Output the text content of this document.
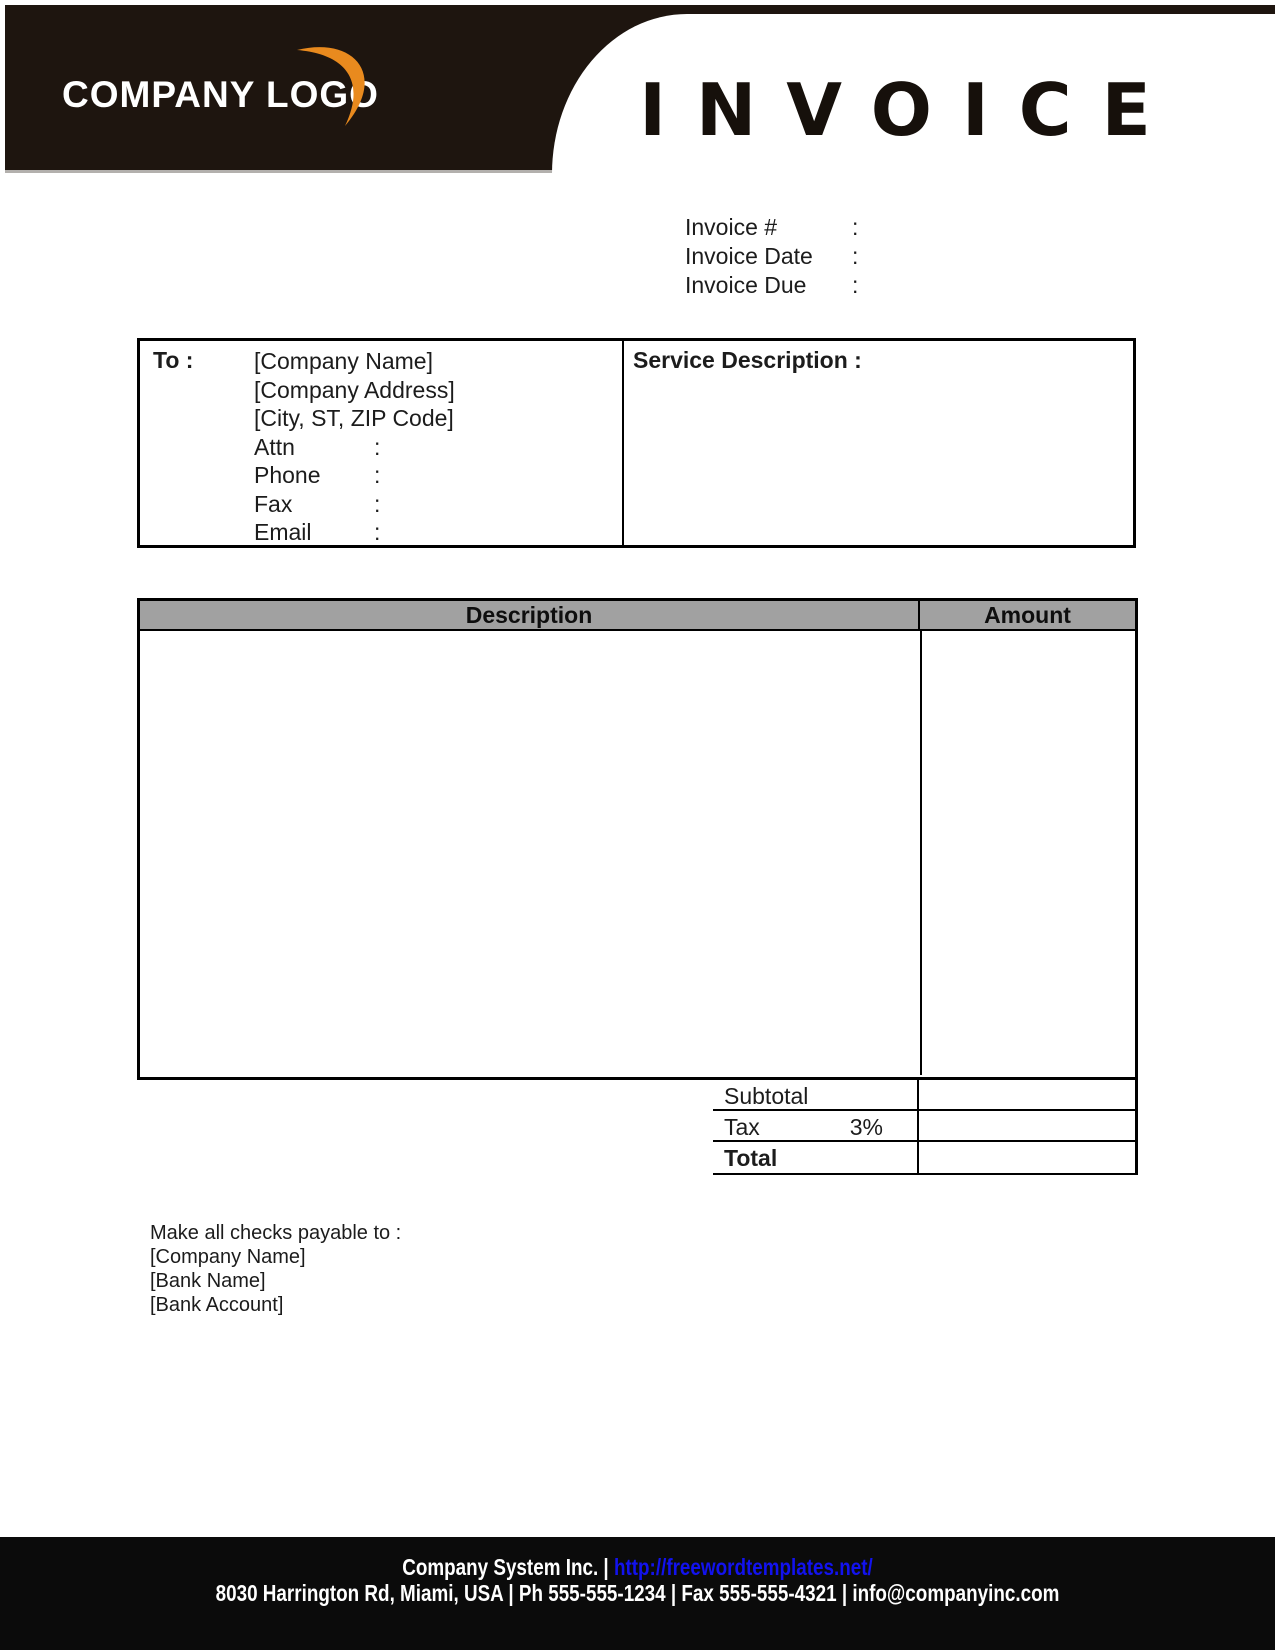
COMPANY LOGO	INVOICE
Invoice #	:
Invoice Date :
Invoice Due :
To :	[Company Name]
[Company Address]
[City, ST, ZIP Code]
Attn	:
Phone :
Fax	:
Email	:
Service Description :
Description	Amount
Subtotal
Tax	3%
Total
Make all checks payable to :
[Company Name]
[Bank Name]
[Bank Account]
Company System Inc. | http://freewordtemplates.net/
8030 Harrington Rd, Miami, USA | Ph 555-555-1234 | Fax 555-555-4321 | info@companyinc.com
